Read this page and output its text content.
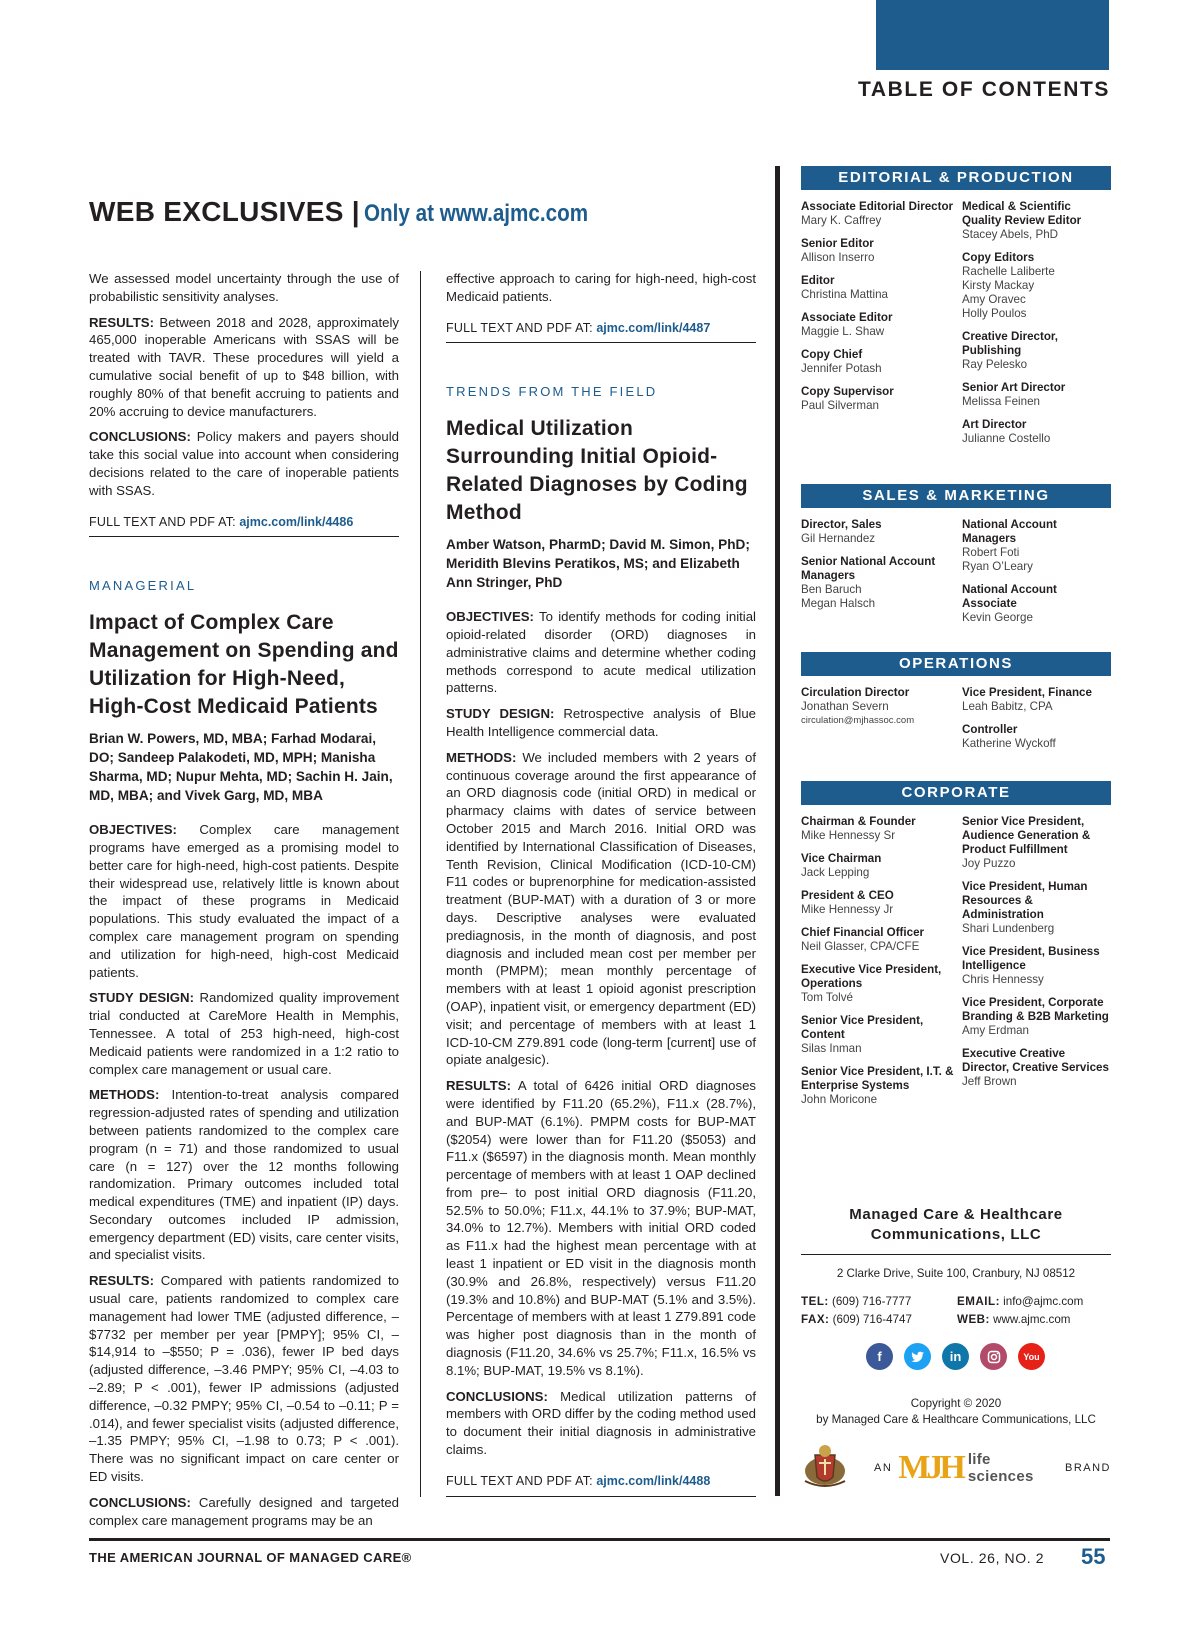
TABLE OF CONTENTS
WEB EXCLUSIVES | Only at www.ajmc.com

We assessed model uncertainty through the use of probabilistic sensitivity analyses.

RESULTS: Between 2018 and 2028, approximately 465,000 inoperable Americans with SSAS will be treated with TAVR. These procedures will yield a cumulative social benefit of up to $48 billion, with roughly 80% of that benefit accruing to patients and 20% accruing to device manufacturers.

CONCLUSIONS: Policy makers and payers should take this social value into account when considering decisions related to the care of inoperable patients with SSAS.

FULL TEXT AND PDF AT: ajmc.com/link/4486
MANAGERIAL
Impact of Complex Care Management on Spending and Utilization for High-Need, High-Cost Medicaid Patients
Brian W. Powers, MD, MBA; Farhad Modarai, DO; Sandeep Palakodeti, MD, MPH; Manisha Sharma, MD; Nupur Mehta, MD; Sachin H. Jain, MD, MBA; and Vivek Garg, MD, MBA

OBJECTIVES: Complex care management programs have emerged as a promising model to better care for high-need, high-cost patients. Despite their widespread use, relatively little is known about the impact of these programs in Medicaid populations. This study evaluated the impact of a complex care management program on spending and utilization for high-need, high-cost Medicaid patients.

STUDY DESIGN: Randomized quality improvement trial conducted at CareMore Health in Memphis, Tennessee. A total of 253 high-need, high-cost Medicaid patients were randomized in a 1:2 ratio to complex care management or usual care.

METHODS: Intention-to-treat analysis compared regression-adjusted rates of spending and utilization between patients randomized to the complex care program (n = 71) and those randomized to usual care (n = 127) over the 12 months following randomization. Primary outcomes included total medical expenditures (TME) and inpatient (IP) days. Secondary outcomes included IP admission, emergency department (ED) visits, care center visits, and specialist visits.

RESULTS: Compared with patients randomized to usual care, patients randomized to complex care management had lower TME (adjusted difference, –$7732 per member per year [PMPY]; 95% CI, –$14,914 to –$550; P = .036), fewer IP bed days (adjusted difference, –3.46 PMPY; 95% CI, –4.03 to –2.89; P < .001), fewer IP admissions (adjusted difference, –0.32 PMPY; 95% CI, –0.54 to –0.11; P = .014), and fewer specialist visits (adjusted difference, –1.35 PMPY; 95% CI, –1.98 to 0.73; P < .001). There was no significant impact on care center or ED visits.

CONCLUSIONS: Carefully designed and targeted complex care management programs may be an

effective approach to caring for high-need, high-cost Medicaid patients.

FULL TEXT AND PDF AT: ajmc.com/link/4487
TRENDS FROM THE FIELD
Medical Utilization Surrounding Initial Opioid-Related Diagnoses by Coding Method
Amber Watson, PharmD; David M. Simon, PhD; Meridith Blevins Peratikos, MS; and Elizabeth Ann Stringer, PhD

OBJECTIVES: To identify methods for coding initial opioid-related disorder (ORD) diagnoses in administrative claims and determine whether coding methods correspond to acute medical utilization patterns.

STUDY DESIGN: Retrospective analysis of Blue Health Intelligence commercial data.

METHODS: We included members with 2 years of continuous coverage around the first appearance of an ORD diagnosis code (initial ORD) in medical or pharmacy claims with dates of service between October 2015 and March 2016. Initial ORD was identified by International Classification of Diseases, Tenth Revision, Clinical Modification (ICD-10-CM) F11 codes or buprenorphine for medication-assisted treatment (BUP-MAT) with a duration of 3 or more days. Descriptive analyses were evaluated prediagnosis, in the month of diagnosis, and post diagnosis and included mean cost per member per month (PMPM); mean monthly percentage of members with at least 1 opioid agonist prescription (OAP), inpatient visit, or emergency department (ED) visit; and percentage of members with at least 1 ICD-10-CM Z79.891 code (long-term [current] use of opiate analgesic).

RESULTS: A total of 6426 initial ORD diagnoses were identified by F11.20 (65.2%), F11.x (28.7%), and BUP-MAT (6.1%). PMPM costs for BUP-MAT ($2054) were lower than for F11.20 ($5053) and F11.x ($6597) in the diagnosis month. Mean monthly percentage of members with at least 1 OAP declined from pre– to post initial ORD diagnosis (F11.20, 52.5% to 50.0%; F11.x, 44.1% to 37.9%; BUP-MAT, 34.0% to 12.7%). Members with initial ORD coded as F11.x had the highest mean percentage with at least 1 inpatient or ED visit in the diagnosis month (30.9% and 26.8%, respectively) versus F11.20 (19.3% and 10.8%) and BUP-MAT (5.1% and 3.5%). Percentage of members with at least 1 Z79.891 code was higher post diagnosis than in the month of diagnosis (F11.20, 34.6% vs 25.7%; F11.x, 16.5% vs 8.1%; BUP-MAT, 19.5% vs 8.1%).

CONCLUSIONS: Medical utilization patterns of members with ORD differ by the coding method used to document their initial diagnosis in administrative claims.

FULL TEXT AND PDF AT: ajmc.com/link/4488
EDITORIAL & PRODUCTION
Associate Editorial Director
Mary K. Caffrey
Senior Editor
Allison Inserro
Editor
Christina Mattina
Associate Editor
Maggie L. Shaw
Copy Chief
Jennifer Potash
Copy Supervisor
Paul Silverman
Medical & Scientific Quality Review Editor
Stacey Abels, PhD
Copy Editors
Rachelle Laliberte
Kirsty Mackay
Amy Oravec
Holly Poulos
Creative Director, Publishing
Ray Pelesko
Senior Art Director
Melissa Feinen
Art Director
Julianne Costello
SALES & MARKETING
Director, Sales
Gil Hernandez
Senior National Account Managers
Ben Baruch
Megan Halsch
National Account Managers
Robert Foti
Ryan O’Leary
National Account Associate
Kevin George
OPERATIONS
Circulation Director
Jonathan Severn
circulation@mjhassoc.com
Vice President, Finance
Leah Babitz, CPA
Controller
Katherine Wyckoff
CORPORATE
Chairman & Founder
Mike Hennessy Sr
Vice Chairman
Jack Lepping
President & CEO
Mike Hennessy Jr
Chief Financial Officer
Neil Glasser, CPA/CFE
Executive Vice President, Operations
Tom Tolvé
Senior Vice President, Content
Silas Inman
Senior Vice President, I.T. & Enterprise Systems
John Moricone
Senior Vice President, Audience Generation & Product Fulfillment
Joy Puzzo
Vice President, Human Resources & Administration
Shari Lundenberg
Vice President, Business Intelligence
Chris Hennessy
Vice President, Corporate Branding & B2B Marketing
Amy Erdman
Executive Creative Director, Creative Services
Jeff Brown
Managed Care & Healthcare Communications, LLC
2 Clarke Drive, Suite 100, Cranbury, NJ 08512
TEL: (609) 716-7777	EMAIL: info@ajmc.com
FAX: (609) 716-4747	WEB: www.ajmc.com
f	in	You
Copyright © 2020
by Managed Care & Healthcare Communications, LLC
AN MJH life sciences	BRAND
THE AMERICAN JOURNAL OF MANAGED CARE®	VOL. 26, NO. 2 55
